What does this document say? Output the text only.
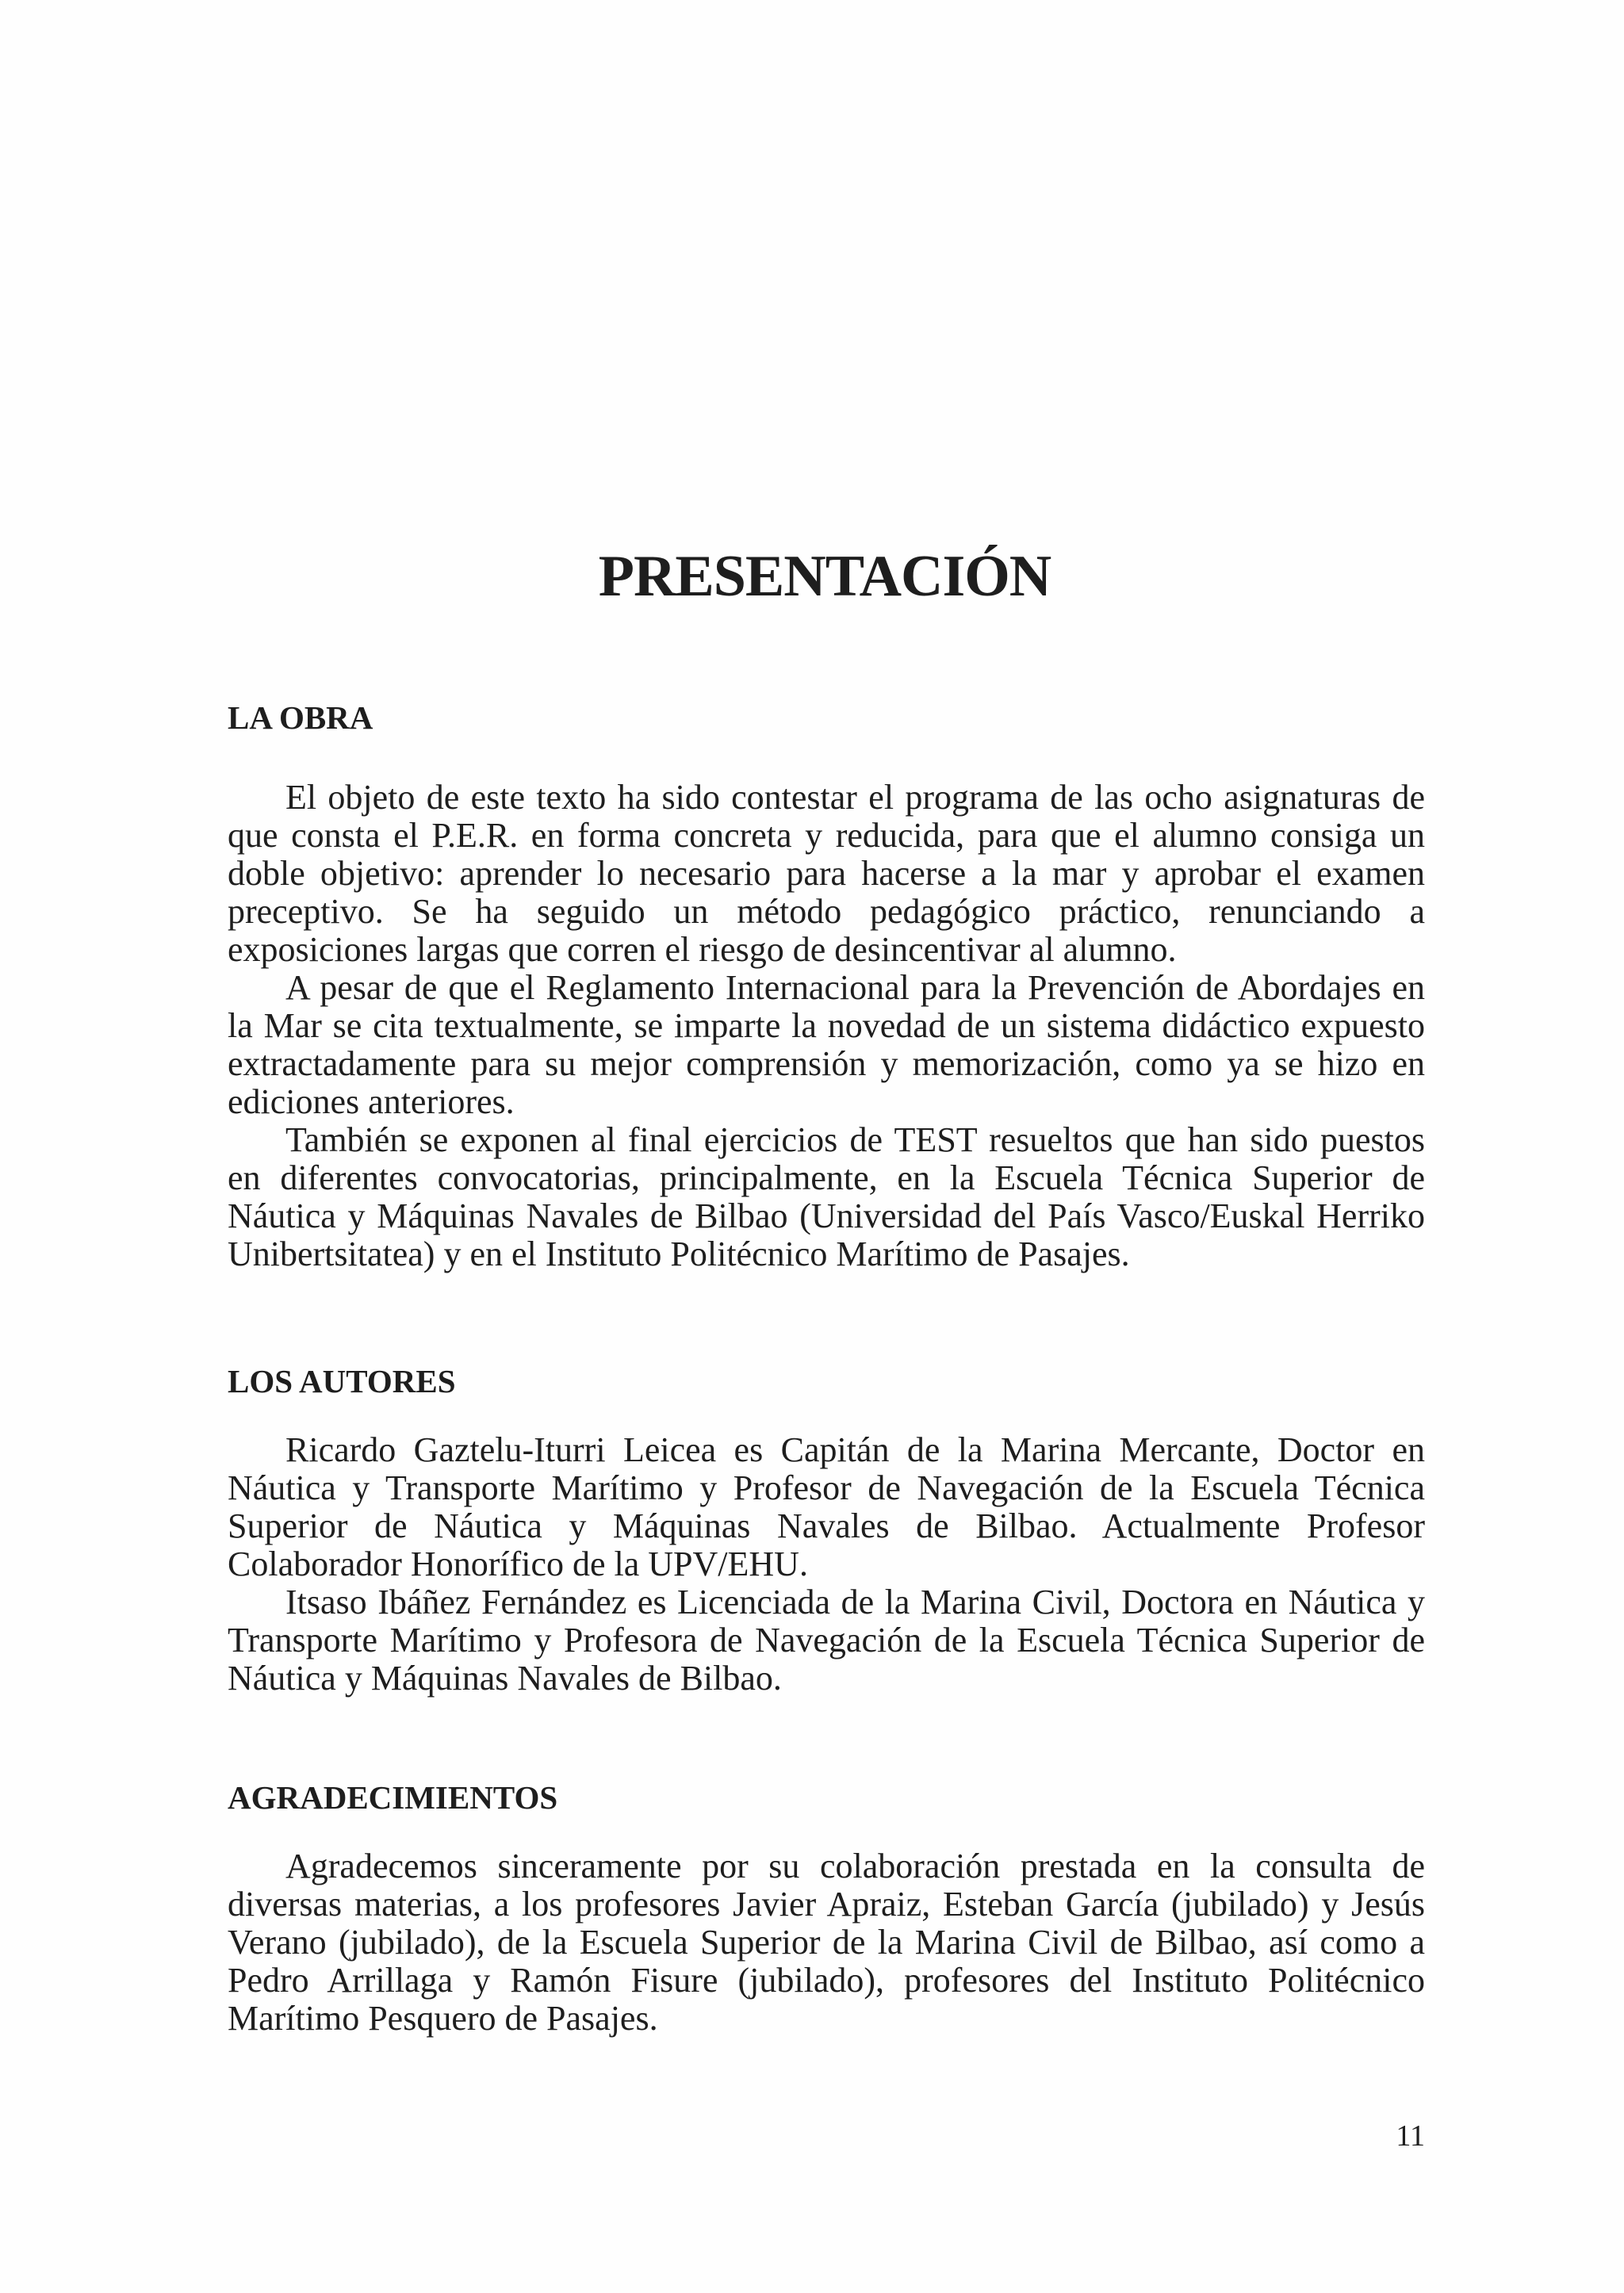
PRESENTACIÓN
LA OBRA

El objeto de este texto ha sido contestar el programa de las ocho asignaturas de que consta el P.E.R. en forma concreta y reducida, para que el alumno consiga un doble objetivo: aprender lo necesario para hacerse a la mar y aprobar el examen preceptivo. Se ha seguido un método pedagógico práctico, renunciando a exposiciones largas que corren el riesgo de desincentivar al alumno.

A pesar de que el Reglamento Internacional para la Prevención de Abordajes en la Mar se cita textualmente, se imparte la novedad de un sistema didáctico expuesto extractadamente para su mejor comprensión y memorización, como ya se hizo en ediciones anteriores.

También se exponen al final ejercicios de TEST resueltos que han sido puestos en diferentes convocatorias, principalmente, en la Escuela Técnica Superior de Náutica y Máquinas Navales de Bilbao (Universidad del País Vasco/Euskal Herriko Unibertsitatea) y en el Instituto Politécnico Marítimo de Pasajes.

LOS AUTORES

Ricardo Gaztelu-Iturri Leicea es Capitán de la Marina Mercante, Doctor en Náutica y Transporte Marítimo y Profesor de Navegación de la Escuela Técnica Superior de Náutica y Máquinas Navales de Bilbao. Actualmente Profesor Colaborador Honorífico de la UPV/EHU.

Itsaso Ibáñez Fernández es Licenciada de la Marina Civil, Doctora en Náutica y Transporte Marítimo y Profesora de Navegación de la Escuela Técnica Superior de Náutica y Máquinas Navales de Bilbao.

AGRADECIMIENTOS

Agradecemos sinceramente por su colaboración prestada en la consulta de diversas materias, a los profesores Javier Apraiz, Esteban García (jubilado) y Jesús Verano (jubilado), de la Escuela Superior de la Marina Civil de Bilbao, así como a Pedro Arrillaga y Ramón Fisure (jubilado), profesores del Instituto Politécnico Marítimo Pesquero de Pasajes.

11
